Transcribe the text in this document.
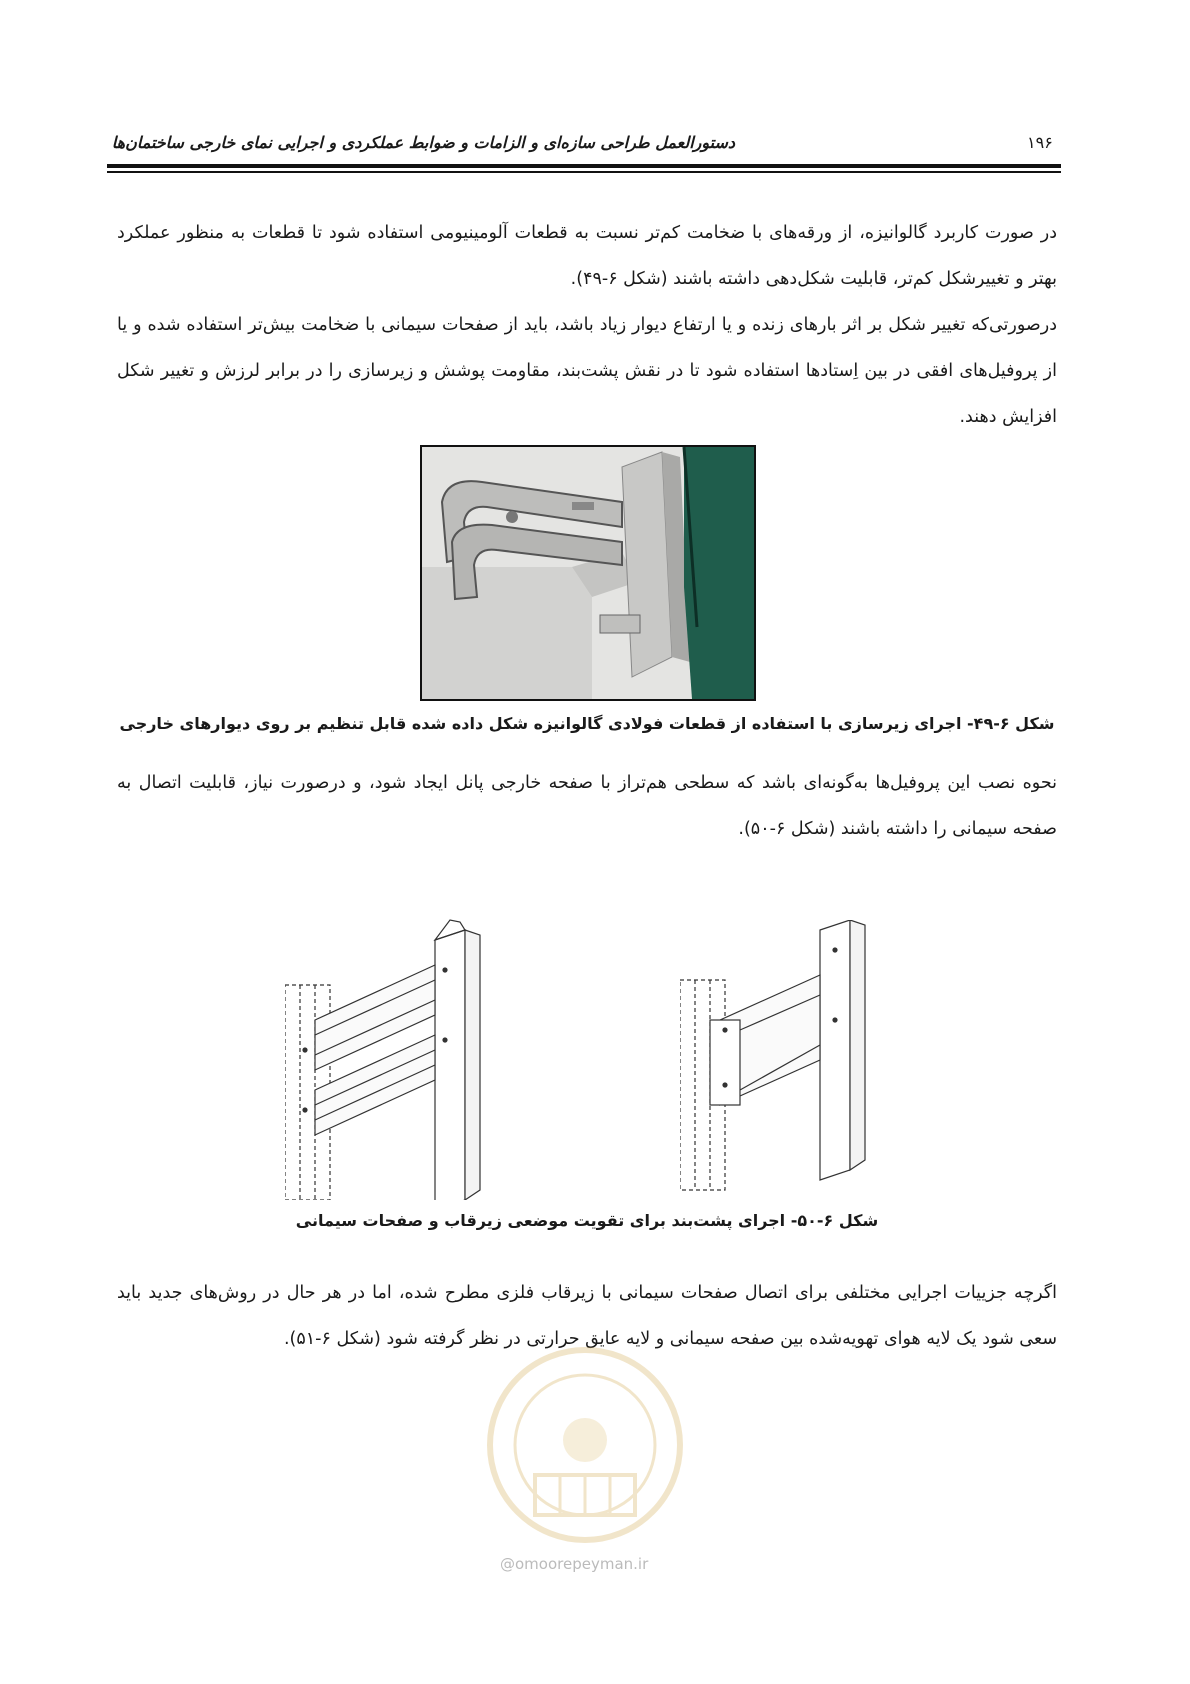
دستورالعمل طراحی سازه‌ای و الزامات و ضوابط عملکردی و اجرایی نمای خارجی ساختمان‌ها	۱۹۶
در صورت کاربرد گالوانیزه، از ورقه‌های با ضخامت کم‌تر نسبت به قطعات آلومینیومی استفاده شود تا قطعات به منظور عملکرد بهتر و تغییرشکل کم‌تر، قابلیت شکل‌دهی داشته باشند (شکل ۶-۴۹).
درصورتی‌که تغییر شکل بر اثر بارهای زنده و یا ارتفاع دیوار زیاد باشد، باید از صفحات سیمانی با ضخامت بیش‌تر استفاده شده و یا از پروفیل‌های افقی در بین اِستادها استفاده شود تا در نقش پشت‌بند، مقاومت پوشش و زیرسازی را در برابر لرزش و تغییر شکل افزایش دهند.
شکل ۶-۴۹- اجرای زیرسازی با استفاده از قطعات فولادی گالوانیزه شکل داده شده قابل تنظیم بر روی دیوارهای خارجی
نحوه نصب این پروفیل‌ها به‌گونه‌ای باشد که سطحی هم‌تراز با صفحه خارجی پانل ایجاد شود، و درصورت نیاز، قابلیت اتصال به صفحه سیمانی را داشته باشند (شکل ۶-۵۰).
شکل ۶-۵۰- اجرای پشت‌بند برای تقویت موضعی زیرقاب و صفحات سیمانی
اگرچه جزییات اجرایی مختلفی برای اتصال صفحات سیمانی با زیرقاب فلزی مطرح شده، اما در هر حال در روش‌های جدید باید سعی شود یک لایه هوای تهویه‌شده بین صفحه سیمانی و لایه عایق حرارتی در نظر گرفته شود (شکل ۶-۵۱).
@omoorepeyman.ir
